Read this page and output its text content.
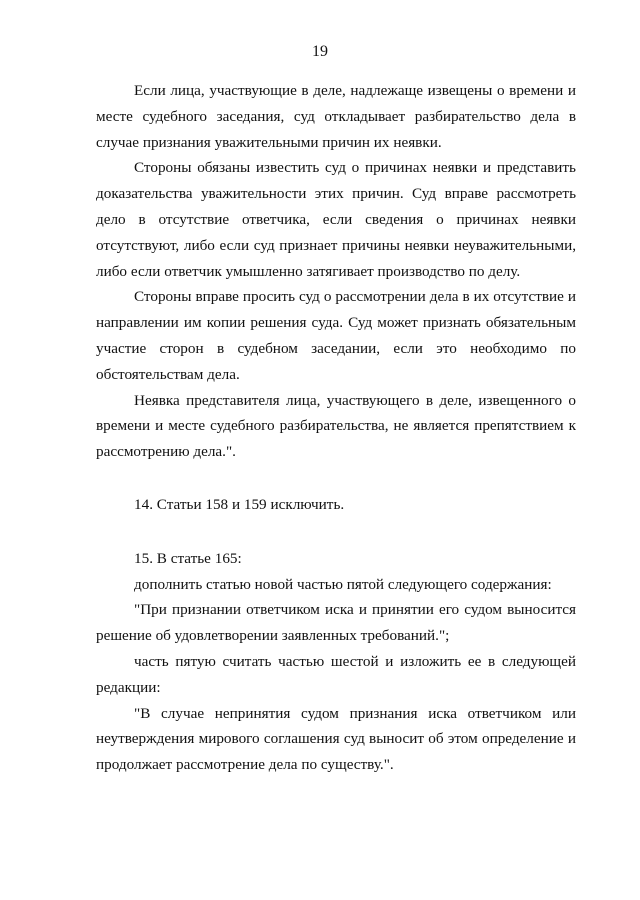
19

Если лица, участвующие в деле, надлежаще извещены о времени и месте судебного заседания, суд откладывает разбирательство дела в случае признания уважительными причин их неявки.

Стороны обязаны известить суд о причинах неявки и представить доказательства уважительности этих причин. Суд вправе рассмотреть дело в отсутствие ответчика, если сведения о причинах неявки отсутствуют, либо если суд признает причины неявки неуважительными, либо если ответчик умышленно затягивает производство по делу.

Стороны вправе просить суд о рассмотрении дела в их отсутствие и направлении им копии решения суда. Суд может признать обязательным участие сторон в судебном заседании, если это необходимо по обстоятельствам дела.

Неявка представителя лица, участвующего в деле, извещенного о времени и месте судебного разбирательства, не является препятствием к рассмотрению дела.".

14. Статьи 158 и 159 исключить.

15. В статье 165:

дополнить статью новой частью пятой следующего содержания:

"При признании ответчиком иска и принятии его судом выносится решение об удовлетворении заявленных требований.";

часть пятую считать частью шестой и изложить ее в следующей редакции:

"В случае непринятия судом признания иска ответчиком или неутверждения мирового соглашения суд выносит об этом определение и продолжает рассмотрение дела по существу.".
